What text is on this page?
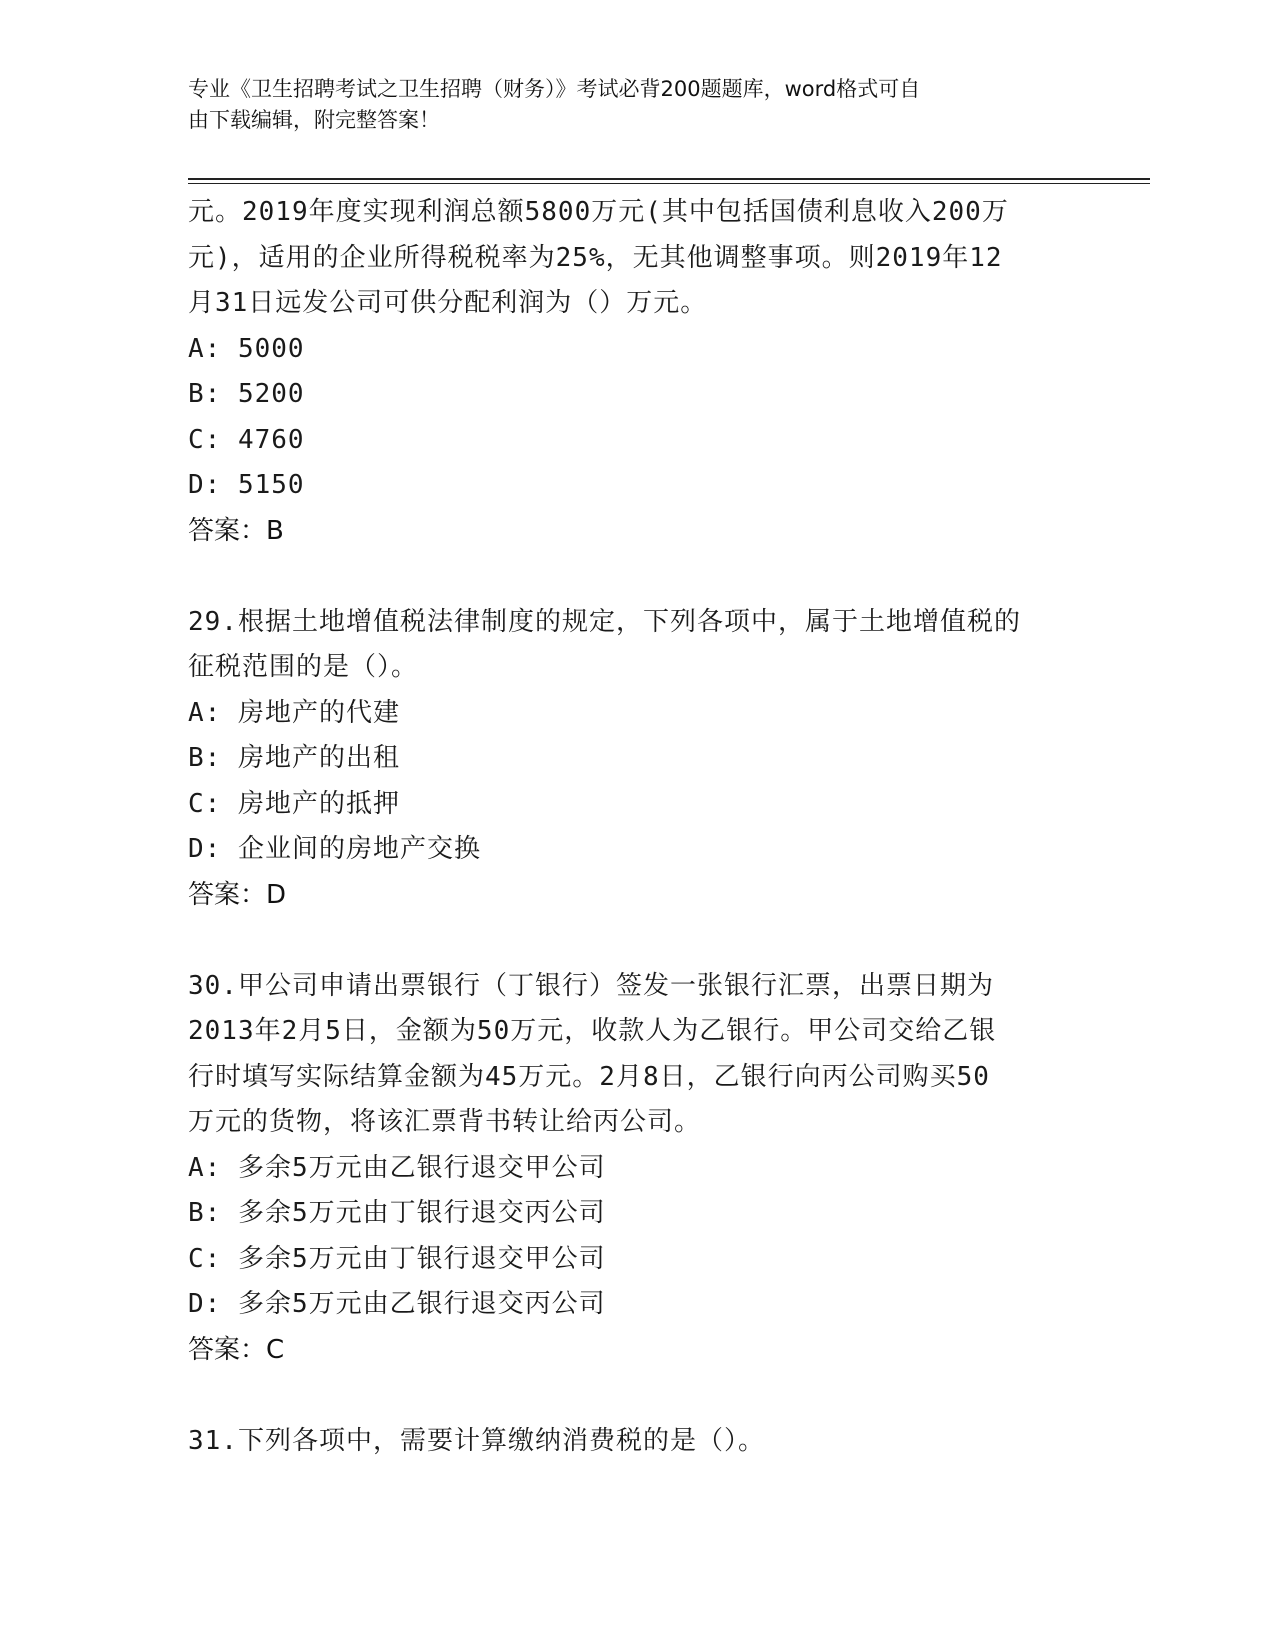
专业《卫生招聘考试之卫生招聘（财务）》考试必背200题题库，word格式可自
由下载编辑，附完整答案！
元。2019年度实现利润总额5800万元(其中包括国债利息收入200万
元)，适用的企业所得税税率为25%，无其他调整事项。则2019年12
月31日远发公司可供分配利润为（）万元。
A: 5000
B: 5200
C: 4760
D: 5150
答案：B
29.根据土地增值税法律制度的规定，下列各项中，属于土地增值税的
征税范围的是（）。
A: 房地产的代建
B: 房地产的出租
C: 房地产的抵押
D: 企业间的房地产交换
答案：D
30.甲公司申请出票银行（丁银行）签发一张银行汇票，出票日期为
2013年2月5日，金额为50万元，收款人为乙银行。甲公司交给乙银
行时填写实际结算金额为45万元。2月8日，乙银行向丙公司购买50
万元的货物，将该汇票背书转让给丙公司。
A: 多余5万元由乙银行退交甲公司
B: 多余5万元由丁银行退交丙公司
C: 多余5万元由丁银行退交甲公司
D: 多余5万元由乙银行退交丙公司
答案：C
31.下列各项中，需要计算缴纳消费税的是（）。
